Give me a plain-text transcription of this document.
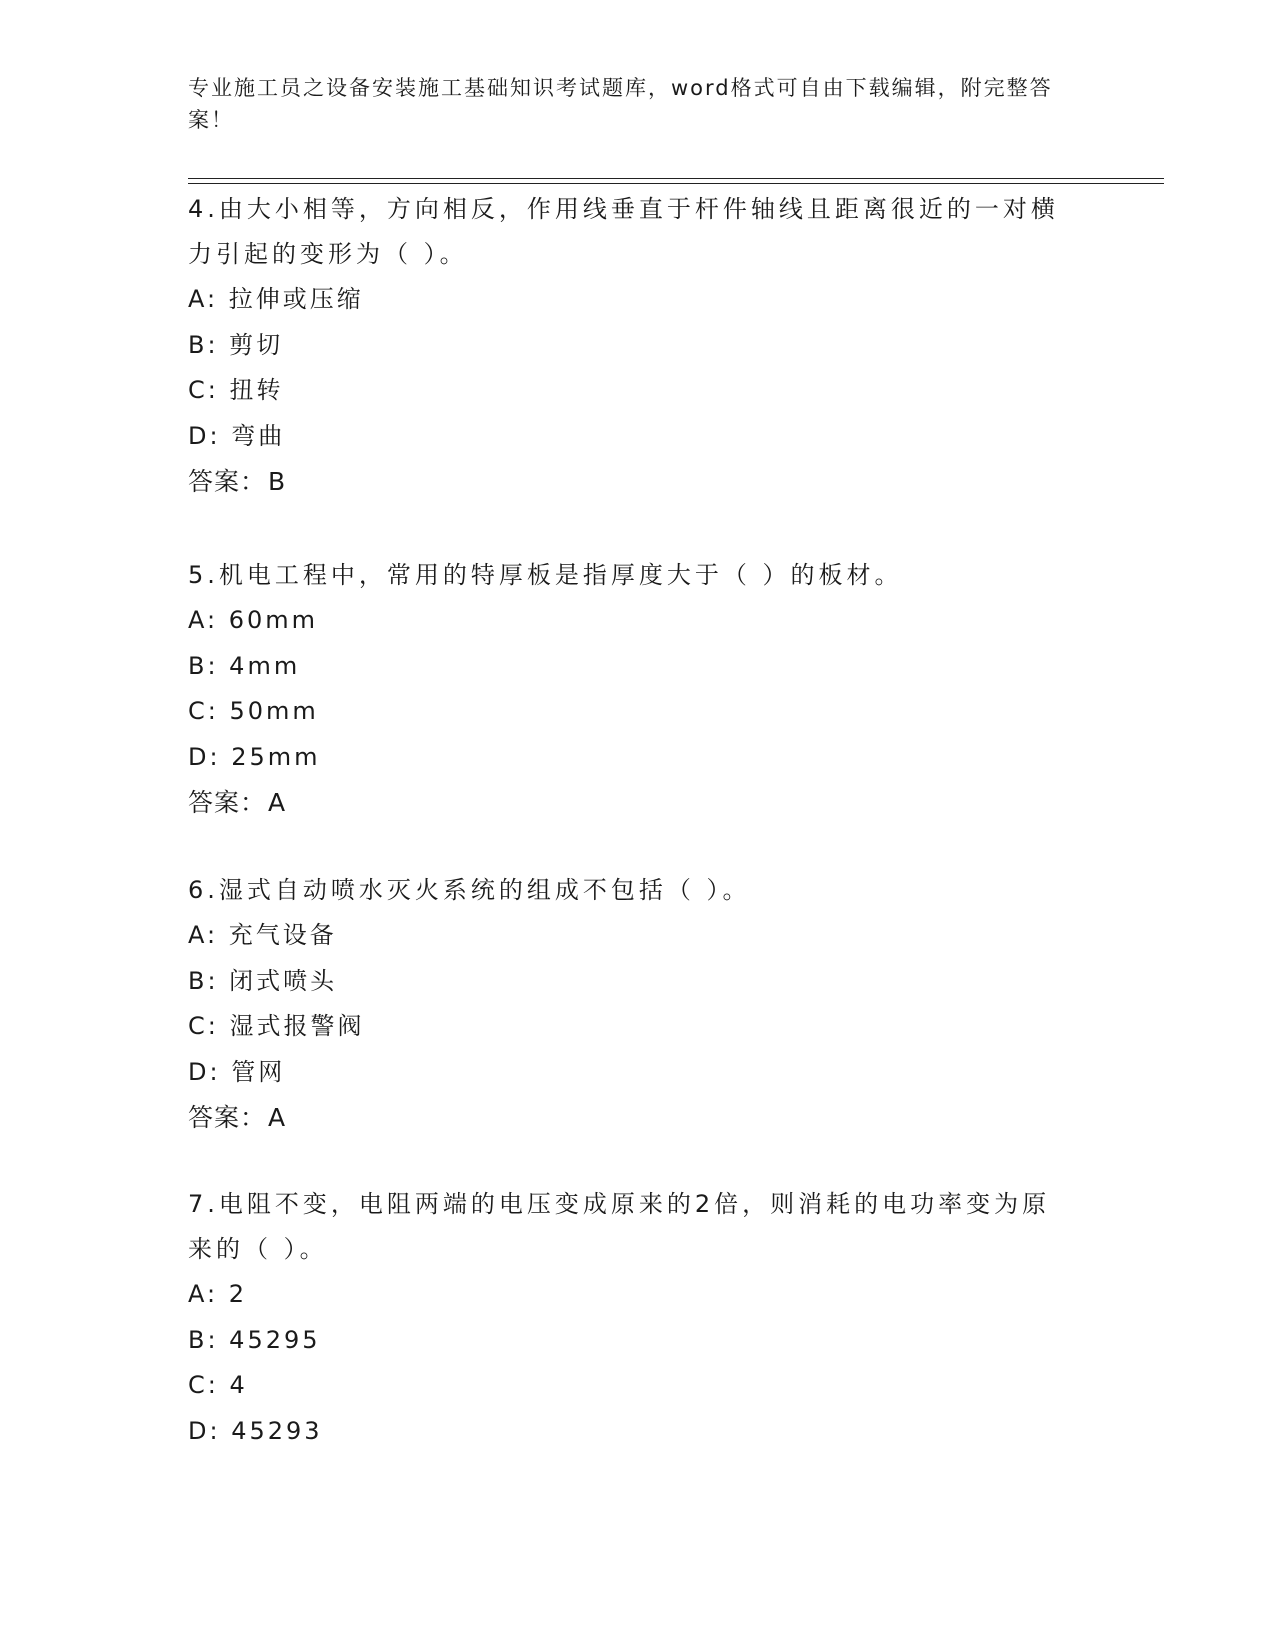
专业施工员之设备安装施工基础知识考试题库，word格式可自由下载编辑，附完整答案！

4.由大小相等，方向相反，作用线垂直于杆件轴线且距离很近的一对横力引起的变形为（ ）。

A: 拉伸或压缩

B: 剪切

C: 扭转

D: 弯曲

答案：B

5.机电工程中，常用的特厚板是指厚度大于（ ）的板材。

A: 60mm

B: 4mm

C: 50mm

D: 25mm

答案：A

6.湿式自动喷水灭火系统的组成不包括（ ）。

A: 充气设备

B: 闭式喷头

C: 湿式报警阀

D: 管网

答案：A

7.电阻不变，电阻两端的电压变成原来的2倍，则消耗的电功率变为原来的（ ）。

A: 2

B: 45295

C: 4

D: 45293
